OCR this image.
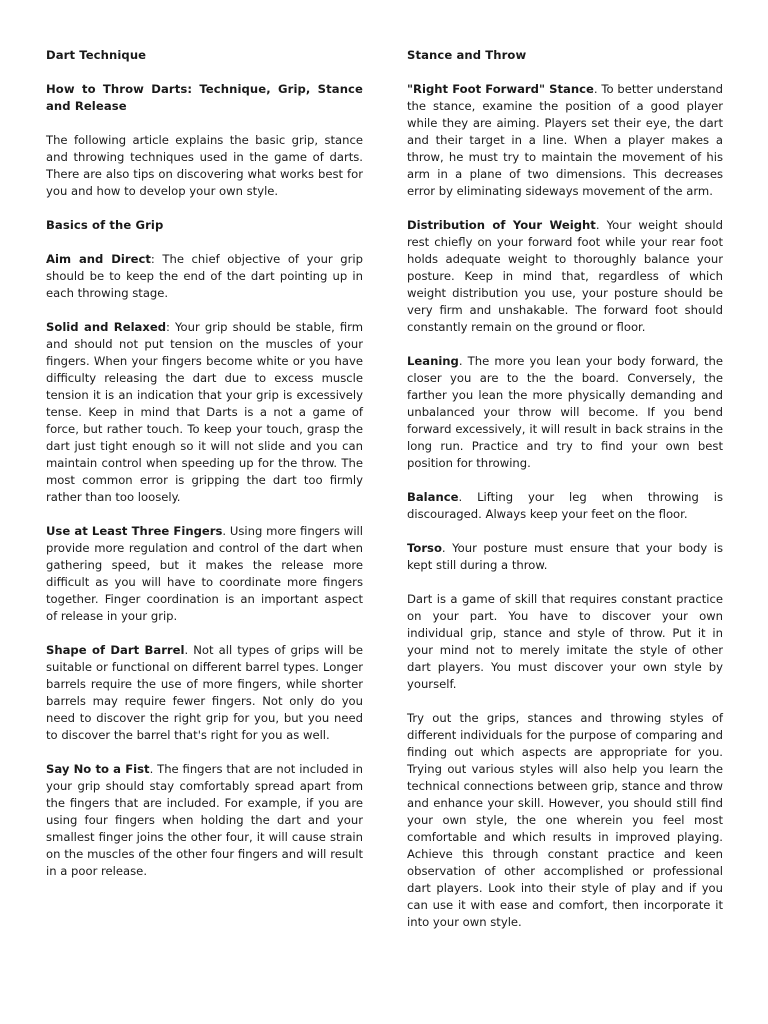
Dart Technique

How to Throw Darts: Technique, Grip, Stance and Release

The following article explains the basic grip, stance and throwing techniques used in the game of darts. There are also tips on discovering what works best for you and how to develop your own style.

Basics of the Grip

Aim and Direct: The chief objective of your grip should be to keep the end of the dart pointing up in each throwing stage.

Solid and Relaxed: Your grip should be stable, firm and should not put tension on the muscles of your fingers. When your fingers become white or you have difficulty releasing the dart due to excess muscle tension it is an indication that your grip is excessively tense. Keep in mind that Darts is a not a game of force, but rather touch. To keep your touch, grasp the dart just tight enough so it will not slide and you can maintain control when speeding up for the throw. The most common error is gripping the dart too firmly rather than too loosely.

Use at Least Three Fingers. Using more fingers will provide more regulation and control of the dart when gathering speed, but it makes the release more difficult as you will have to coordinate more fingers together. Finger coordination is an important aspect of release in your grip.

Shape of Dart Barrel. Not all types of grips will be suitable or functional on different barrel types. Longer barrels require the use of more fingers, while shorter barrels may require fewer fingers. Not only do you need to discover the right grip for you, but you need to discover the barrel that's right for you as well.

Say No to a Fist. The fingers that are not included in your grip should stay comfortably spread apart from the fingers that are included. For example, if you are using four fingers when holding the dart and your smallest finger joins the other four, it will cause strain on the muscles of the other four fingers and will result in a poor release.

Stance and Throw

"Right Foot Forward" Stance. To better understand the stance, examine the position of a good player while they are aiming. Players set their eye, the dart and their target in a line. When a player makes a throw, he must try to maintain the movement of his arm in a plane of two dimensions. This decreases error by eliminating sideways movement of the arm.

Distribution of Your Weight. Your weight should rest chiefly on your forward foot while your rear foot holds adequate weight to thoroughly balance your posture. Keep in mind that, regardless of which weight distribution you use, your posture should be very firm and unshakable. The forward foot should constantly remain on the ground or floor.

Leaning. The more you lean your body forward, the closer you are to the the board. Conversely, the farther you lean the more physically demanding and unbalanced your throw will become. If you bend forward excessively, it will result in back strains in the long run. Practice and try to find your own best position for throwing.

Balance. Lifting your leg when throwing is discouraged. Always keep your feet on the floor.

Torso. Your posture must ensure that your body is kept still during a throw.

Dart is a game of skill that requires constant practice on your part. You have to discover your own individual grip, stance and style of throw. Put it in your mind not to merely imitate the style of other dart players. You must discover your own style by yourself.

Try out the grips, stances and throwing styles of different individuals for the purpose of comparing and finding out which aspects are appropriate for you. Trying out various styles will also help you learn the technical connections between grip, stance and throw and enhance your skill. However, you should still find your own style, the one wherein you feel most comfortable and which results in improved playing. Achieve this through constant practice and keen observation of other accomplished or professional dart players. Look into their style of play and if you can use it with ease and comfort, then incorporate it into your own style.
